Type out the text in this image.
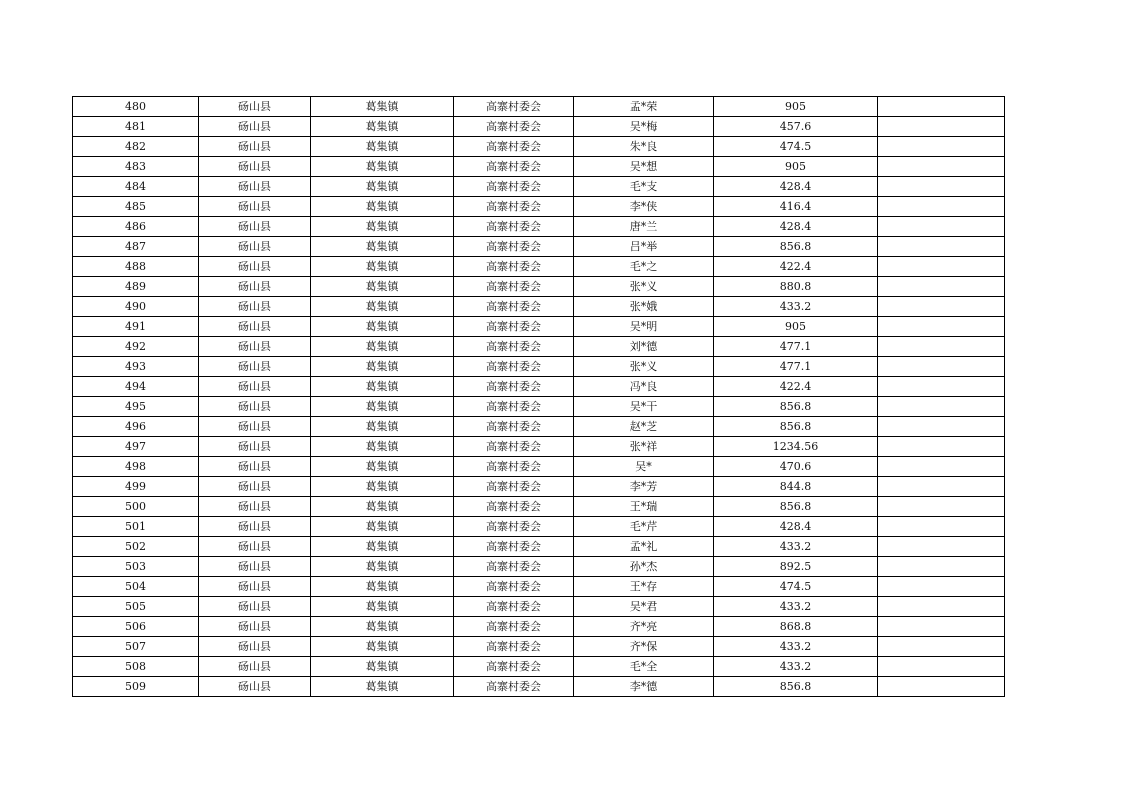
480	砀山县	葛集镇	高寨村委会	孟*荣	905	
481	砀山县	葛集镇	高寨村委会	吴*梅	457.6	
482	砀山县	葛集镇	高寨村委会	朱*良	474.5	
483	砀山县	葛集镇	高寨村委会	吴*想	905	
484	砀山县	葛集镇	高寨村委会	毛*支	428.4	
485	砀山县	葛集镇	高寨村委会	李*侠	416.4	
486	砀山县	葛集镇	高寨村委会	唐*兰	428.4	
487	砀山县	葛集镇	高寨村委会	吕*举	856.8	
488	砀山县	葛集镇	高寨村委会	毛*之	422.4	
489	砀山县	葛集镇	高寨村委会	张*义	880.8	
490	砀山县	葛集镇	高寨村委会	张*娥	433.2	
491	砀山县	葛集镇	高寨村委会	吴*明	905	
492	砀山县	葛集镇	高寨村委会	刘*德	477.1	
493	砀山县	葛集镇	高寨村委会	张*义	477.1	
494	砀山县	葛集镇	高寨村委会	冯*良	422.4	
495	砀山县	葛集镇	高寨村委会	吴*干	856.8	
496	砀山县	葛集镇	高寨村委会	赵*芝	856.8	
497	砀山县	葛集镇	高寨村委会	张*祥	1234.56	
498	砀山县	葛集镇	高寨村委会	吴*	470.6	
499	砀山县	葛集镇	高寨村委会	李*芳	844.8	
500	砀山县	葛集镇	高寨村委会	王*瑞	856.8	
501	砀山县	葛集镇	高寨村委会	毛*芹	428.4	
502	砀山县	葛集镇	高寨村委会	孟*礼	433.2	
503	砀山县	葛集镇	高寨村委会	孙*杰	892.5	
504	砀山县	葛集镇	高寨村委会	王*存	474.5	
505	砀山县	葛集镇	高寨村委会	吴*君	433.2	
506	砀山县	葛集镇	高寨村委会	齐*亮	868.8	
507	砀山县	葛集镇	高寨村委会	齐*保	433.2	
508	砀山县	葛集镇	高寨村委会	毛*全	433.2	
509	砀山县	葛集镇	高寨村委会	李*德	856.8	
